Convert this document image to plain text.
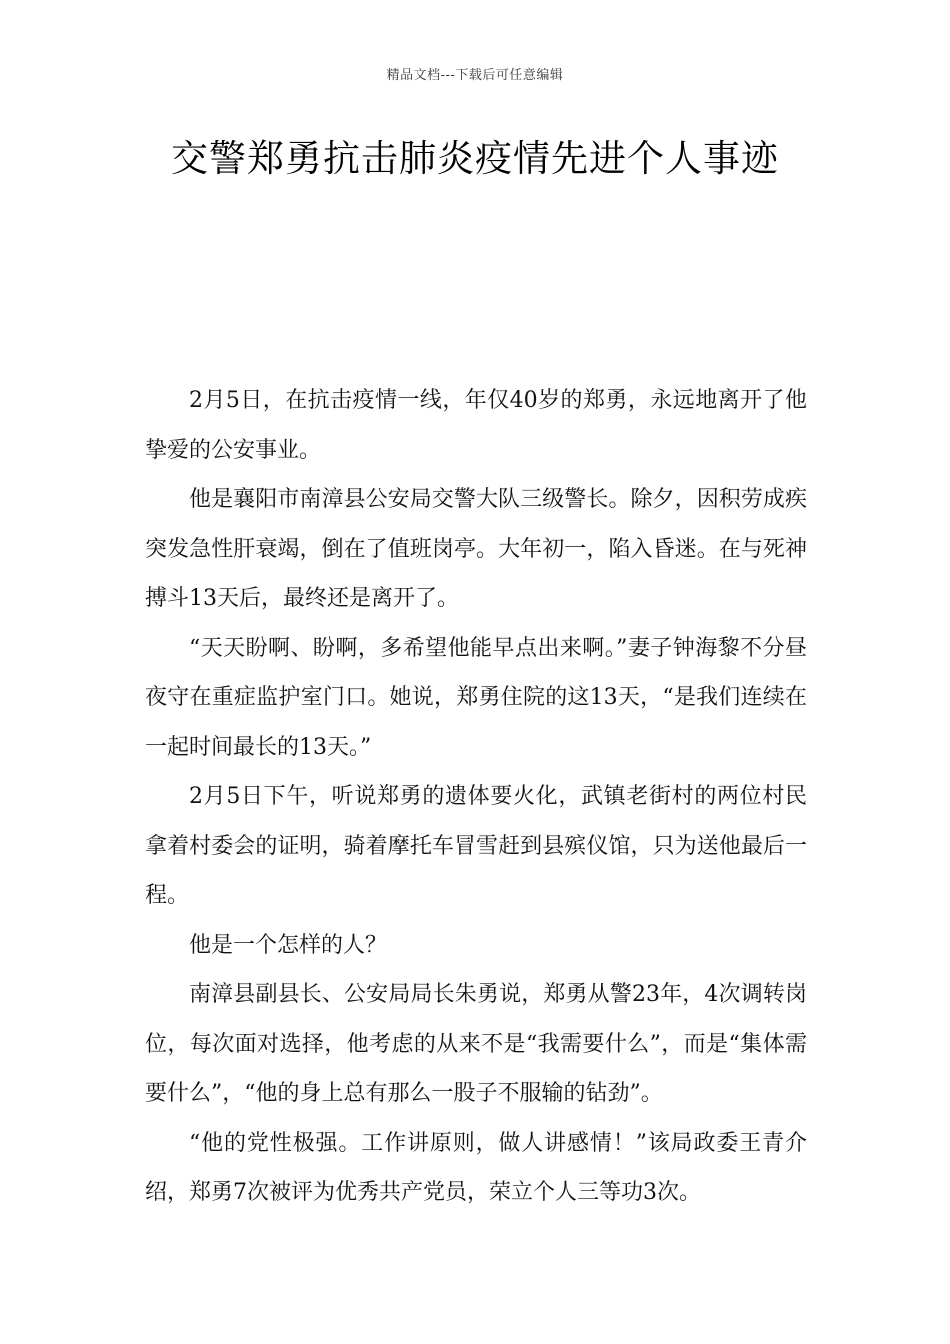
精品文档---下载后可任意编辑
交警郑勇抗击肺炎疫情先进个人事迹

2月5日，在抗击疫情一线，年仅40岁的郑勇，永远地离开了他挚爱的公安事业。

他是襄阳市南漳县公安局交警大队三级警长。除夕，因积劳成疾突发急性肝衰竭，倒在了值班岗亭。大年初一，陷入昏迷。在与死神搏斗13天后，最终还是离开了。

“天天盼啊、盼啊，多希望他能早点出来啊。”妻子钟海黎不分昼夜守在重症监护室门口。她说，郑勇住院的这13天，“是我们连续在一起时间最长的13天。”

2月5日下午，听说郑勇的遗体要火化，武镇老街村的两位村民拿着村委会的证明，骑着摩托车冒雪赶到县殡仪馆，只为送他最后一程。

他是一个怎样的人？

南漳县副县长、公安局局长朱勇说，郑勇从警23年，4次调转岗位，每次面对选择，他考虑的从来不是“我需要什么”，而是“集体需要什么”，“他的身上总有那么一股子不服输的钻劲”。

“他的党性极强。工作讲原则，做人讲感情！”该局政委王青介绍，郑勇7次被评为优秀共产党员，荣立个人三等功3次。
